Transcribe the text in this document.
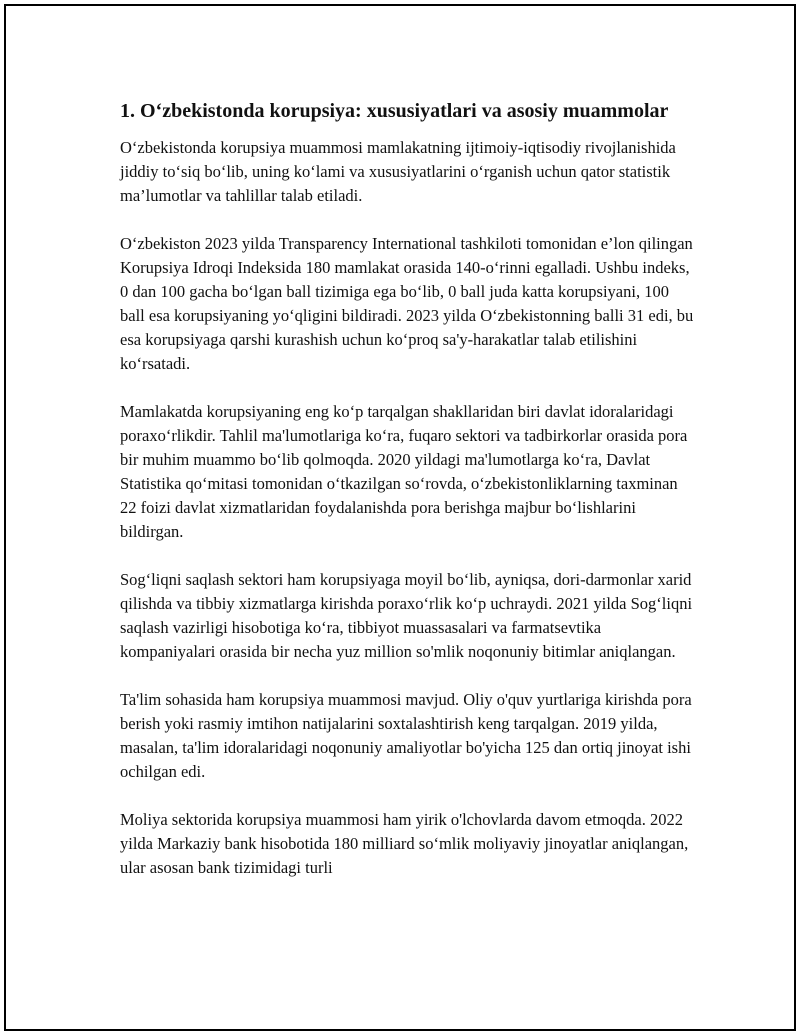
1. O‘zbekistonda korupsiya: xususiyatlari va asosiy muammolar

O‘zbekistonda korupsiya muammosi mamlakatning ijtimoiy-iqtisodiy rivojlanishida jiddiy to‘siq bo‘lib, uning ko‘lami va xususiyatlarini o‘rganish uchun qator statistik ma’lumotlar va tahlillar talab etiladi.

O‘zbekiston 2023 yilda Transparency International tashkiloti tomonidan e’lon qilingan Korupsiya Idroqi Indeksida 180 mamlakat orasida 140-o‘rinni egalladi. Ushbu indeks, 0 dan 100 gacha bo‘lgan ball tizimiga ega bo‘lib, 0 ball juda katta korupsiyani, 100 ball esa korupsiyaning yo‘qligini bildiradi. 2023 yilda O‘zbekistonning balli 31 edi, bu esa korupsiyaga qarshi kurashish uchun ko‘proq sa'y-harakatlar talab etilishini ko‘rsatadi.

Mamlakatda korupsiyaning eng ko‘p tarqalgan shakllaridan biri davlat idoralaridagi poraxo‘rlikdir. Tahlil ma'lumotlariga ko‘ra, fuqaro sektori va tadbirkorlar orasida pora bir muhim muammo bo‘lib qolmoqda. 2020 yildagi ma'lumotlarga ko‘ra, Davlat Statistika qo‘mitasi tomonidan o‘tkazilgan so‘rovda, o‘zbekistonliklarning taxminan 22 foizi davlat xizmatlaridan foydalanishda pora berishga majbur bo‘lishlarini bildirgan.

Sog‘liqni saqlash sektori ham korupsiyaga moyil bo‘lib, ayniqsa, dori-darmonlar xarid qilishda va tibbiy xizmatlarga kirishda poraxo‘rlik ko‘p uchraydi. 2021 yilda Sog‘liqni saqlash vazirligi hisobotiga ko‘ra, tibbiyot muassasalari va farmatsevtika kompaniyalari orasida bir necha yuz million so'mlik noqonuniy bitimlar aniqlangan.

Ta'lim sohasida ham korupsiya muammosi mavjud. Oliy o'quv yurtlariga kirishda pora berish yoki rasmiy imtihon natijalarini soxtalashtirish keng tarqalgan. 2019 yilda, masalan, ta'lim idoralaridagi noqonuniy amaliyotlar bo'yicha 125 dan ortiq jinoyat ishi ochilgan edi.

Moliya sektorida korupsiya muammosi ham yirik o'lchovlarda davom etmoqda. 2022 yilda Markaziy bank hisobotida 180 milliard so‘mlik moliyaviy jinoyatlar aniqlangan, ular asosan bank tizimidagi turli
